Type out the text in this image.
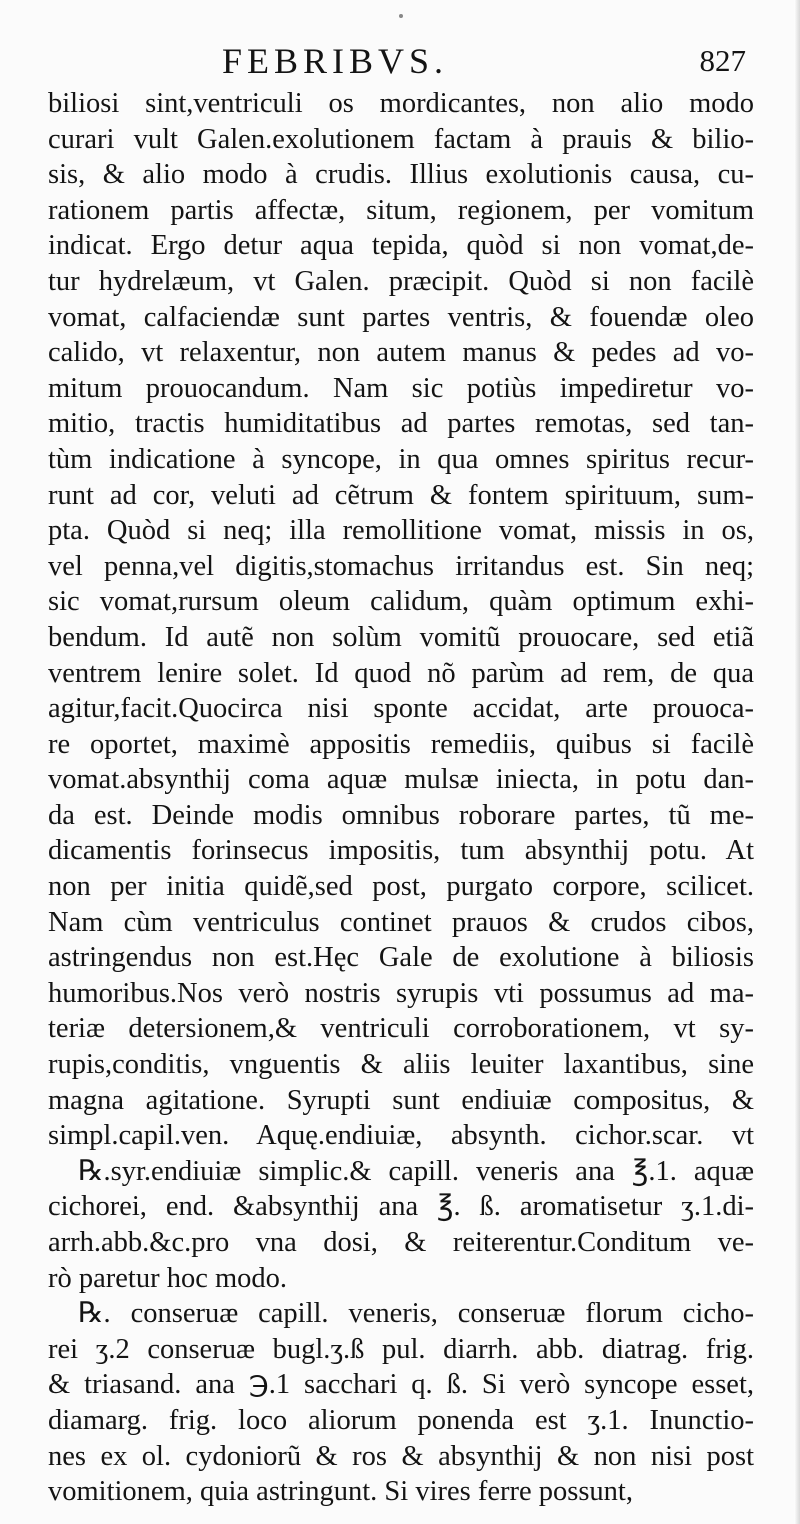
FEBRIBVS.	827
biliosi sint,ventriculi os mordicantes, non alio modo
curari vult Galen.exolutionem factam à prauis & bilio-
sis, & alio modo à crudis. Illius exolutionis causa, cu-
rationem partis affectæ, situm, regionem, per vomitum
indicat. Ergo detur aqua tepida, quòd si non vomat,de-
tur hydrelæum, vt Galen. præcipit. Quòd si non facilè
vomat, calfaciendæ sunt partes ventris, & fouendæ oleo
calido, vt relaxentur, non autem manus & pedes ad vo-
mitum prouocandum. Nam sic potiùs impediretur vo-
mitio, tractis humiditatibus ad partes remotas, sed tan-
tùm indicatione à syncope, in qua omnes spiritus recur-
runt ad cor, veluti ad cẽtrum & fontem spirituum, sum-
pta. Quòd si neq; illa remollitione vomat, missis in os,
vel penna,vel digitis,stomachus irritandus est. Sin neq;
sic vomat,rursum oleum calidum, quàm optimum exhi-
bendum. Id autẽ non solùm vomitũ prouocare, sed etiã
ventrem lenire solet. Id quod nõ parùm ad rem, de qua
agitur,facit.Quocirca nisi sponte accidat, arte prouoca-
re oportet, maximè appositis remediis, quibus si facilè
vomat.absynthij coma aquæ mulsæ iniecta, in potu dan-
da est. Deinde modis omnibus roborare partes, tũ me-
dicamentis forinsecus impositis, tum absynthij potu. At
non per initia quidẽ,sed post, purgato corpore, scilicet.
Nam cùm ventriculus continet prauos & crudos cibos,
astringendus non est.Hęc Gale de exolutione à biliosis
humoribus.Nos verò nostris syrupis vti possumus ad ma-
teriæ detersionem,& ventriculi corroborationem, vt sy-
rupis,conditis, vnguentis & aliis leuiter laxantibus, sine
magna agitatione. Syrupti sunt endiuiæ compositus, &
simpl.capil.ven. Aquę.endiuiæ, absynth. cichor.scar. vt
℞.syr.endiuiæ simplic.& capill. veneris ana ℥.1. aquæ
cichorei, end. &absynthij ana ℥. ß. aromatisetur ʒ.1.di-
arrh.abb.&c.pro vna dosi, & reiterentur.Conditum ve-
rò paretur hoc modo.
℞. conseruæ capill. veneris, conseruæ florum cicho-
rei ʒ.2 conseruæ bugl.ʒ.ß pul. diarrh. abb. diatrag. frig.
& triasand. ana ℈.1 sacchari q. ß. Si verò syncope esset,
diamarg. frig. loco aliorum ponenda est ʒ.1. Inunctio-
nes ex ol. cydoniorũ & ros & absynthij & non nisi post
vomitionem, quia astringunt. Si vires ferre possunt,
